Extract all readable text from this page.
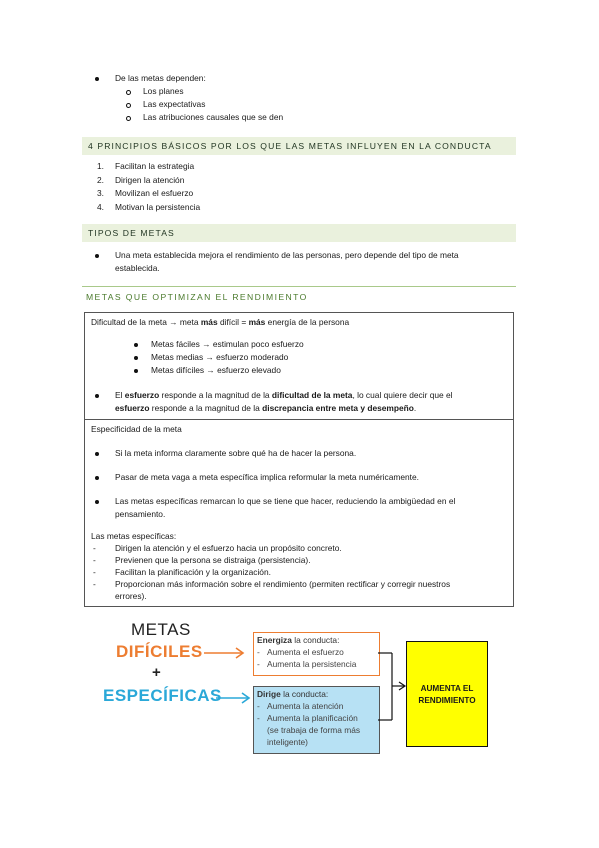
De las metas dependen:
Los planes
Las expectativas
Las atribuciones causales que se den
4 PRINCIPIOS BÁSICOS POR LOS QUE LAS METAS INFLUYEN EN LA CONDUCTA
1. Facilitan la estrategia
2. Dirigen la atención
3. Movilizan el esfuerzo
4. Motivan la persistencia
TIPOS DE METAS
Una meta establecida mejora el rendimiento de las personas, pero depende del tipo de meta
establecida.
METAS QUE OPTIMIZAN EL RENDIMIENTO
Dificultad de la meta → meta más difícil = más energía de la persona
Metas fáciles → estimulan poco esfuerzo
Metas medias → esfuerzo moderado
Metas difíciles → esfuerzo elevado
El esfuerzo responde a la magnitud de la dificultad de la meta, lo cual quiere decir que el
esfuerzo responde a la magnitud de la discrepancia entre meta y desempeño.
Especificidad de la meta
Si la meta informa claramente sobre qué ha de hacer la persona.
Pasar de meta vaga a meta específica implica reformular la meta numéricamente.
Las metas específicas remarcan lo que se tiene que hacer, reduciendo la ambigüedad en el
pensamiento.
Las metas específicas:
- Dirigen la atención y el esfuerzo hacia un propósito concreto.
- Previenen que la persona se distraiga (persistencia).
- Facilitan la planificación y la organización.
- Proporcionan más información sobre el rendimiento (permiten rectificar y corregir nuestros
errores).
METAS
DIFÍCILES
+
ESPECÍFICAS
Energiza la conducta:
- Aumenta el esfuerzo
- Aumenta la persistencia
Dirige la conducta:
- Aumenta la atención
- Aumenta la planificación
(se trabaja de forma más
inteligente)
AUMENTA EL
RENDIMIENTO
